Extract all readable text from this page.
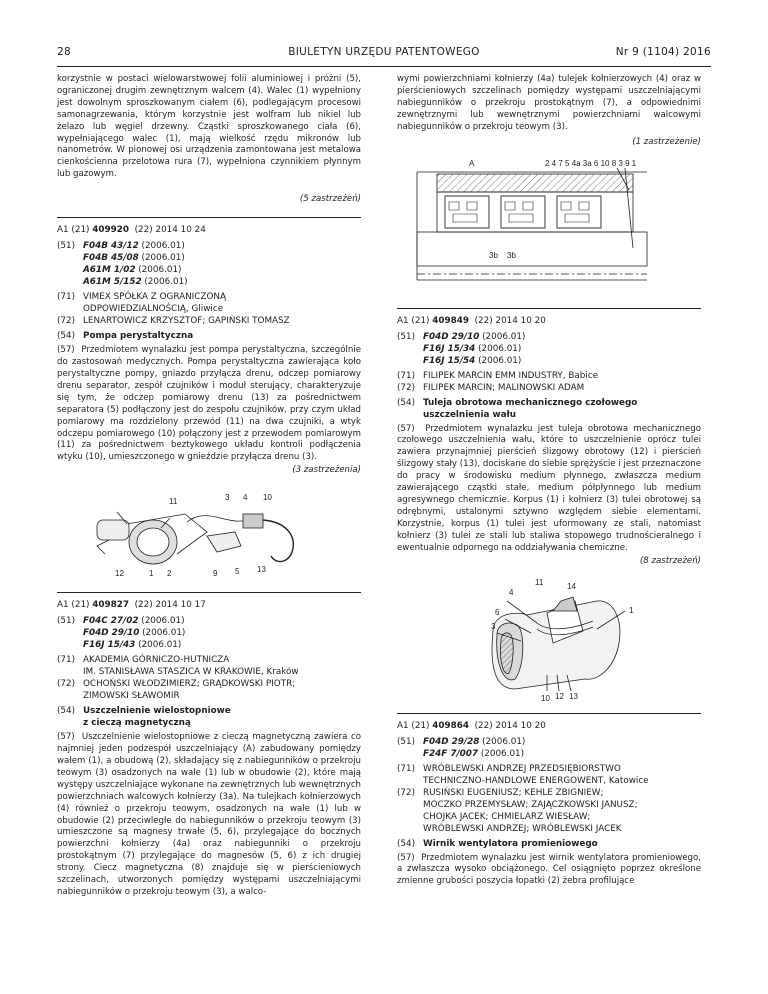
28	BIULETYN URZĘDU PATENTOWEGO	Nr 9 (1104) 2016

korzystnie w postaci wielowarstwowej folii aluminiowej i próżni (5), ograniczonej drugim zewnętrznym walcem (4). Walec (1) wypełniony jest dowolnym sproszkowanym ciałem (6), podlegającym procesowi samonagrzewania, którym korzystnie jest wolfram lub nikiel lub żelazo lub węgiel drzewny. Cząstki sproszkowanego ciała (6), wypełniającego walec (1), mają wielkość rzędu mikronów lub nanometrów. W pionowej osi urządzenia zamontowana jest metalowa cienkościenna przelotowa rura (7), wypełniona czynnikiem płynnym lub gazowym.

(5 zastrzeżeń)
A1 (21) 409920 (22) 2014 10 24
(51) F04B 43/12 (2006.01)
F04B 45/08 (2006.01)
A61M 1/02 (2006.01)
A61M 5/152 (2006.01)
(71) VIMEX SPÓŁKA Z OGRANICZONĄ
ODPOWIEDZIALNOŚCIĄ, Gliwice
(72) LENARTOWICZ KRZYSZTOF; GAPIŃSKI TOMASZ
(54) Pompa perystaltyczna

(57) Przedmiotem wynalazku jest pompa perystaltyczna, szczególnie do zastosowań medycznych. Pompa perystaltyczna zawierająca koło perystaltyczne pompy, gniazdo przyłącza drenu, odczep pomiarowy drenu separator, zespół czujników i moduł sterujący, charakteryzuje się tym, że odczep pomiarowy drenu (13) za pośrednictwem separatora (5) podłączony jest do zespołu czujników, przy czym układ pomiarowy ma rozdzielony przewód (11) na dwa czujniki, a wtyk odczepu pomiarowego (10) połączony jest z przewodem pomiarowym (11) za pośrednictwem beztykowego układu kontroli podłączenia wtyku (10), umieszczonego w gnieździe przyłącza drenu (3).

(3 zastrzeżenia)
11	3 4 10
12	1 2	9 5 13
A1 (21) 409827 (22) 2014 10 17
(51) F04C 27/02 (2006.01)
F04D 29/10 (2006.01)
F16J 15/43 (2006.01)
(71) AKADEMIA GÓRNICZO-HUTNICZA
IM. STANISŁAWA STASZICA W KRAKOWIE, Kraków
(72) OCHOŃSKI WŁODZIMIERZ; GRĄDKOWSKI PIOTR;
ZIMOWSKI SŁAWOMIR
(54) Uszczelnienie wielostopniowe
z cieczą magnetyczną

(57) Uszczelnienie wielostopniowe z cieczą magnetyczną zawiera co najmniej jeden podzespół uszczelniający (A) zabudowany pomiędzy wałem (1), a obudową (2), składający się z nabiegunników o przekroju teowym (3) osadzonych na wale (1) lub w obudowie (2), które mają występy uszczelniające wykonane na zewnętrznych lub wewnętrznych powierzchniach walcowych kołnierzy (3a). Na tulejkach kołnierzowych (4) również o przekroju teowym, osadzonych na wale (1) lub w obudowie (2) przeciwległe do nabiegunników o przekroju teowym (3) umieszczone są magnesy trwałe (5, 6), przylegające do bocznych powierzchni kołnierzy (4a) oraz nabiegunniki o przekroju prostokątnym (7) przylegające do magnesów (5, 6) z ich drugiej strony. Ciecz magnetyczna (8) znajduje się w pierścieniowych szczelinach, utworzonych pomiędzy występami uszczelniającymi nabiegunników o przekroju teowym (3), a walco-

wymi powierzchniami kołnierzy (4a) tulejek kołnierzowych (4) oraz w pierścieniowych szczelinach pomiędzy występami uszczelniającymi nabiegunników o przekroju prostokątnym (7), a odpowiednimi zewnętrznymi lub wewnętrznymi powierzchniami walcowymi nabiegunników o przekroju teowym (3).

(1 zastrzeżenie)
A	2 4 7 5 4a 3a 6 10 8 3 9 1
3b 3b
A1 (21) 409849 (22) 2014 10 20
(51) F04D 29/10 (2006.01)
F16J 15/34 (2006.01)
F16J 15/54 (2006.01)
(71) FILIPEK MARCIN EMM INDUSTRY, Babice
(72) FILIPEK MARCIN; MALINOWSKI ADAM
(54) Tuleja obrotowa mechanicznego czołowego
uszczelnienia wału

(57) Przedmiotem wynalazku jest tuleja obrotowa mechanicznego czołowego uszczelnienia wału, które to uszczelnienie oprócz tulei zawiera przynajmniej pierścień ślizgowy obrotowy (12) i pierścień ślizgowy stały (13), dociskane do siebie sprężyście i jest przeznaczone do pracy w środowisku medium płynnego, zwłaszcza medium zawierającego cząstki stałe, medium półpłynnego lub medium agresywnego chemicznie. Korpus (1) i kołnierz (3) tulei obrotowej są odrębnymi, ustalonymi sztywno względem siebie elementami. Korzystnie, korpus (1) tulei jest uformowany ze stali, natomiast kołnierz (3) tulei ze stali lub staliwa stopowego trudnościeralnego i ewentualnie odpornego na oddziaływania chemiczne.

(8 zastrzeżeń)
11	14
4
6
3
1
10 12 13
A1 (21) 409864 (22) 2014 10 20
(51) F04D 29/28 (2006.01)
F24F 7/007 (2006.01)
(71) WRÓBLEWSKI ANDRZEJ PRZEDSIĘBIORSTWO
TECHNICZNO-HANDLOWE ENERGOWENT, Katowice
(72) RUSIŃSKI EUGENIUSZ; KEHLE ZBIGNIEW;
MOCZKO PRZEMYSŁAW; ZAJĄCZKOWSKI JANUSZ;
CHOJKA JACEK; CHMIELARZ WIESŁAW;
WRÓBLEWSKI ANDRZEJ; WRÓBLEWSKI JACEK
(54) Wirnik wentylatora promieniowego

(57) Przedmiotem wynalazku jest wirnik wentylatora promieniowego, a zwłaszcza wysoko obciążonego. Cel osiągnięto poprzez określone zmienne grubości poszycia łopatki (2) żebra profilujące
